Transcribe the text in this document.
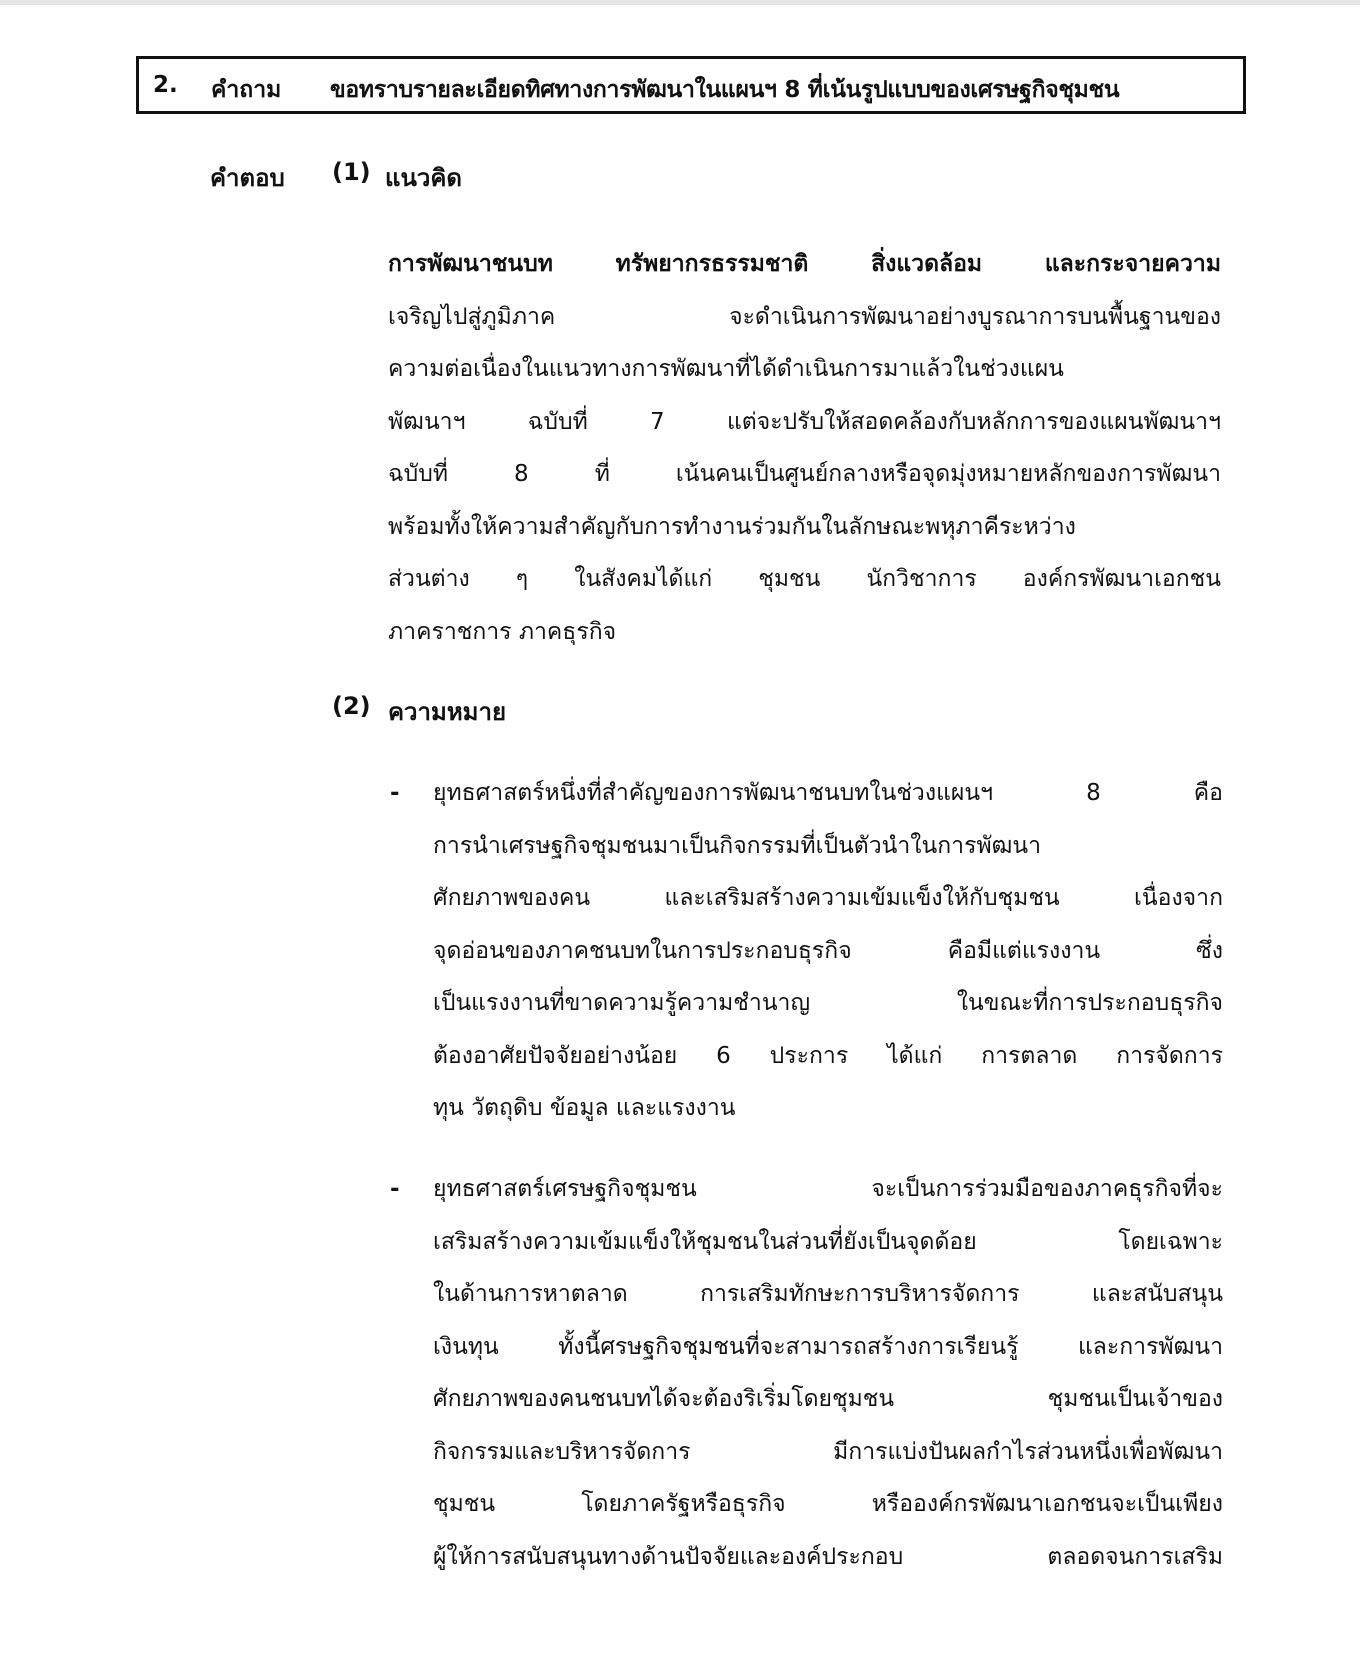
2. คำถาม ขอทราบรายละเอียดทิศทางการพัฒนาในแผนฯ 8 ที่เน้นรูปแบบของเศรษฐกิจชุมชน
คำตอบ (1) แนวคิด
การพัฒนาชนบท ทรัพยากรธรรมชาติ สิ่งแวดล้อม และกระจายความ
เจริญไปสู่ภูมิภาค จะดำเนินการพัฒนาอย่างบูรณาการบนพื้นฐานของ
ความต่อเนื่องในแนวทางการพัฒนาที่ได้ดำเนินการมาแล้วในช่วงแผน
พัฒนาฯ ฉบับที่ 7 แต่จะปรับให้สอดคล้องกับหลักการของแผนพัฒนาฯ
ฉบับที่ 8 ที่ เน้นคนเป็นศูนย์กลางหรือจุดมุ่งหมายหลักของการพัฒนา
พร้อมทั้งให้ความสำคัญกับการทำงานร่วมกันในลักษณะพหุภาคีระหว่าง
ส่วนต่าง ๆ ในสังคมได้แก่ ชุมชน นักวิชาการ องค์กรพัฒนาเอกชน
ภาคราชการ ภาคธุรกิจ
(2) ความหมาย
- ยุทธศาสตร์หนึ่งที่สำคัญของการพัฒนาชนบทในช่วงแผนฯ 8 คือ
การนำเศรษฐกิจชุมชนมาเป็นกิจกรรมที่เป็นตัวนำในการพัฒนา
ศักยภาพของคน และเสริมสร้างความเข้มแข็งให้กับชุมชน เนื่องจาก
จุดอ่อนของภาคชนบทในการประกอบธุรกิจ คือมีแต่แรงงาน ซึ่ง
เป็นแรงงานที่ขาดความรู้ความชำนาญ ในขณะที่การประกอบธุรกิจ
ต้องอาศัยปัจจัยอย่างน้อย 6 ประการ ได้แก่ การตลาด การจัดการ
ทุน วัตถุดิบ ข้อมูล และแรงงาน
- ยุทธศาสตร์เศรษฐกิจชุมชน จะเป็นการร่วมมือของภาคธุรกิจที่จะ
เสริมสร้างความเข้มแข็งให้ชุมชนในส่วนที่ยังเป็นจุดด้อย โดยเฉพาะ
ในด้านการหาตลาด การเสริมทักษะการบริหารจัดการ และสนับสนุน
เงินทุน ทั้งนี้ศรษฐกิจชุมชนที่จะสามารถสร้างการเรียนรู้ และการพัฒนา
ศักยภาพของคนชนบทได้จะต้องริเริ่มโดยชุมชน ชุมชนเป็นเจ้าของ
กิจกรรมและบริหารจัดการ มีการแบ่งปันผลกำไรส่วนหนึ่งเพื่อพัฒนา
ชุมชน โดยภาครัฐหรือธุรกิจ หรือองค์กรพัฒนาเอกชนจะเป็นเพียง
ผู้ให้การสนับสนุนทางด้านปัจจัยและองค์ประกอบ ตลอดจนการเสริม
